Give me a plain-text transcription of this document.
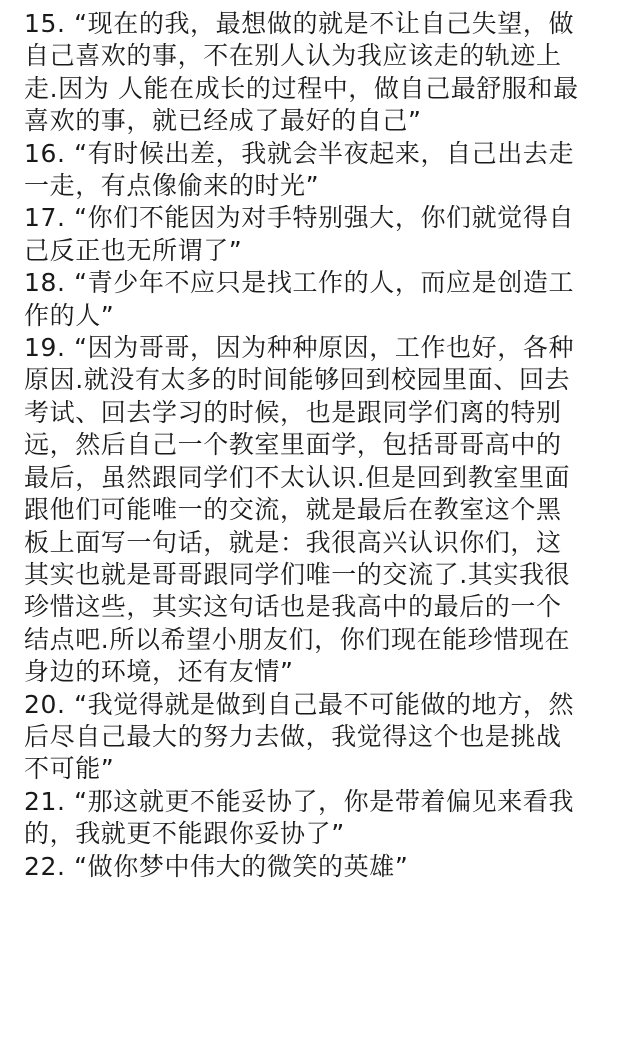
15. “现在的我，最想做的就是不让自己失望，做
自己喜欢的事，不在别人认为我应该走的轨迹上
走.因为 人能在成长的过程中，做自己最舒服和最
喜欢的事，就已经成了最好的自己”
16. “有时候出差，我就会半夜起来，自己出去走
一走，有点像偷来的时光”
17. “你们不能因为对手特别强大，你们就觉得自
己反正也无所谓了”
18. “青少年不应只是找工作的人，而应是创造工
作的人”
19. “因为哥哥，因为种种原因，工作也好，各种
原因.就没有太多的时间能够回到校园里面、回去
考试、回去学习的时候，也是跟同学们离的特别
远，然后自己一个教室里面学，包括哥哥高中的
最后，虽然跟同学们不太认识.但是回到教室里面
跟他们可能唯一的交流，就是最后在教室这个黑
板上面写一句话，就是：我很高兴认识你们，这
其实也就是哥哥跟同学们唯一的交流了.其实我很
珍惜这些，其实这句话也是我高中的最后的一个
结点吧.所以希望小朋友们，你们现在能珍惜现在
身边的环境，还有友情”
20. “我觉得就是做到自己最不可能做的地方，然
后尽自己最大的努力去做，我觉得这个也是挑战
不可能”
21. “那这就更不能妥协了，你是带着偏见来看我
的，我就更不能跟你妥协了”
22. “做你梦中伟大的微笑的英雄”
